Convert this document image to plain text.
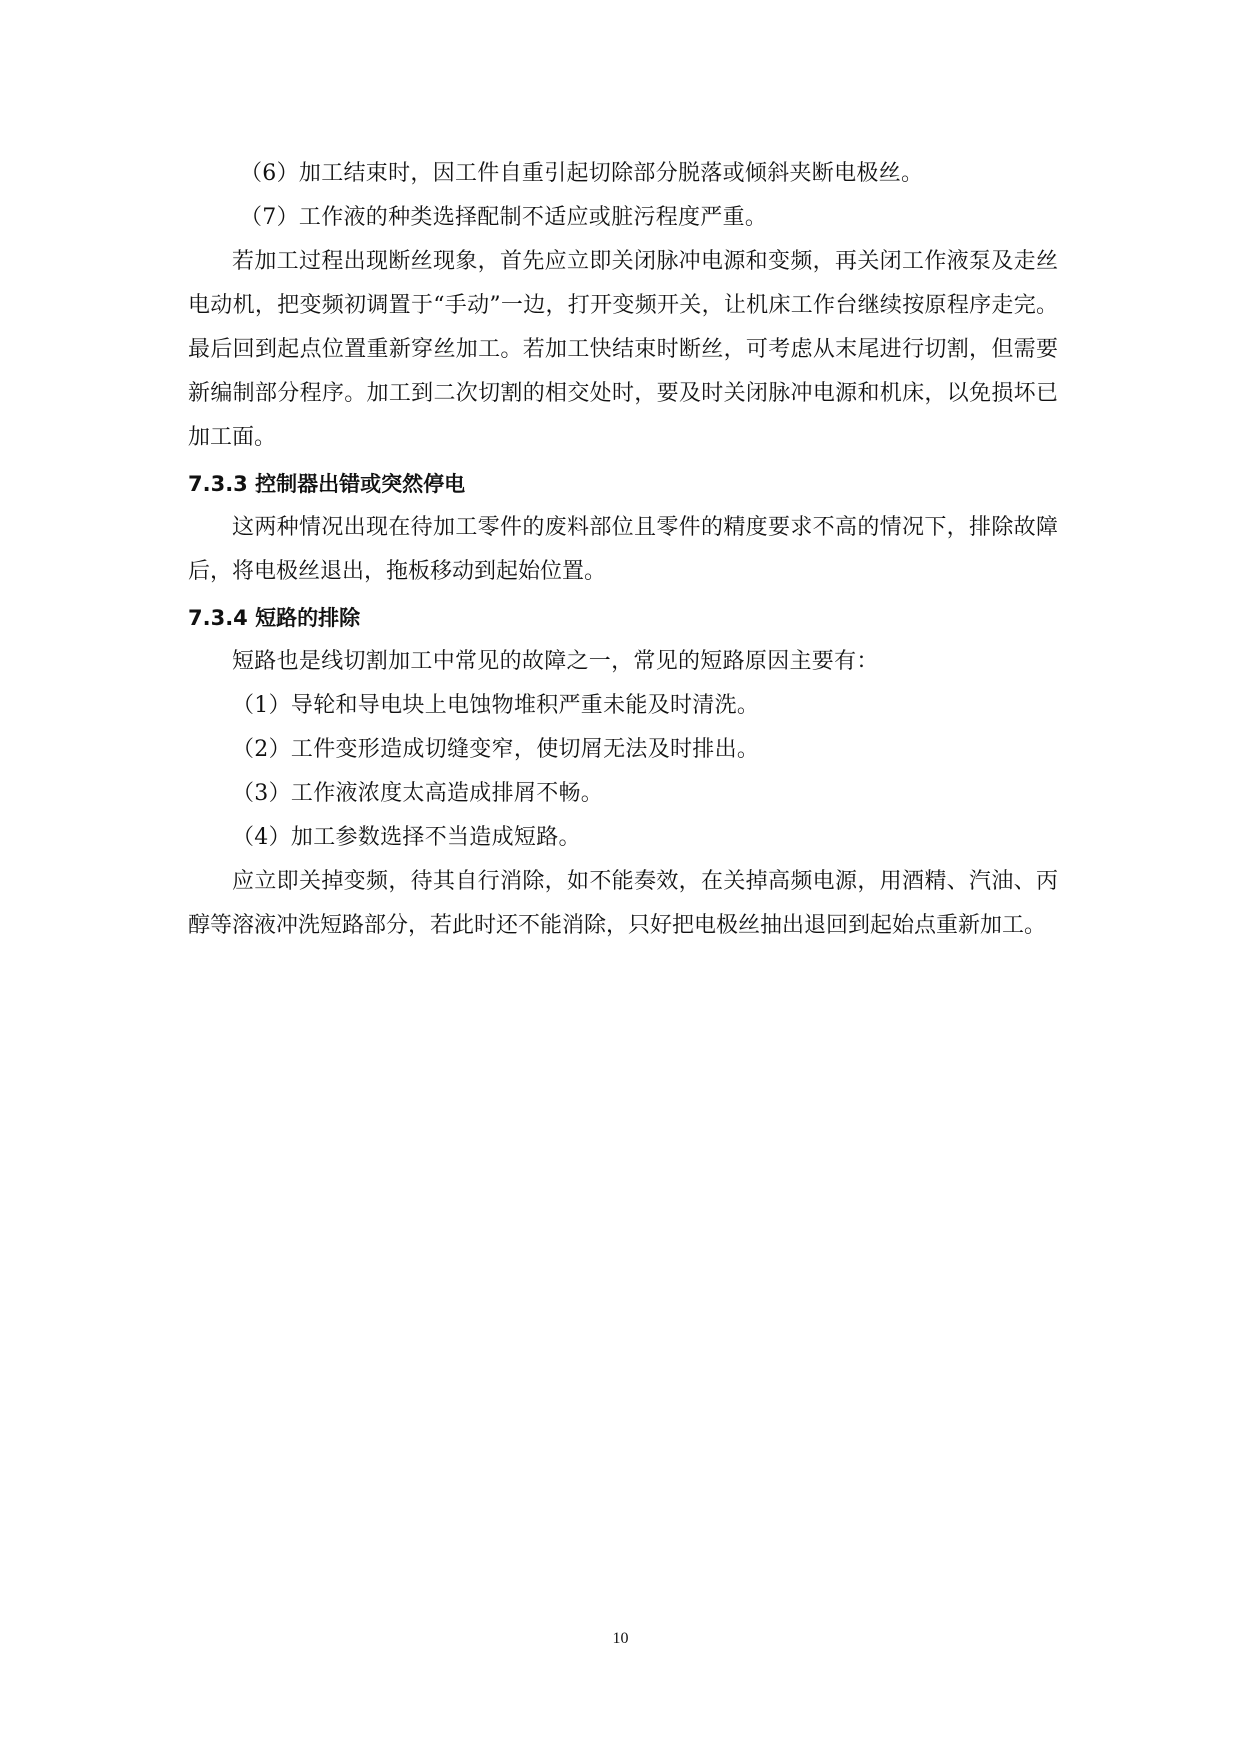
（6）加工结束时，因工件自重引起切除部分脱落或倾斜夹断电极丝。
（7）工作液的种类选择配制不适应或脏污程度严重。

若加工过程出现断丝现象，首先应立即关闭脉冲电源和变频，再关闭工作液泵及走丝电动机，把变频初调置于“手动”一边，打开变频开关，让机床工作台继续按原程序走完。最后回到起点位置重新穿丝加工。若加工快结束时断丝，可考虑从末尾进行切割，但需要新编制部分程序。加工到二次切割的相交处时，要及时关闭脉冲电源和机床，以免损坏已加工面。

7.3.3 控制器出错或突然停电

这两种情况出现在待加工零件的废料部位且零件的精度要求不高的情况下，排除故障后，将电极丝退出，拖板移动到起始位置。

7.3.4 短路的排除
短路也是线切割加工中常见的故障之一，常见的短路原因主要有：
（1）导轮和导电块上电蚀物堆积严重未能及时清洗。
（2）工件变形造成切缝变窄，使切屑无法及时排出。
（3）工作液浓度太高造成排屑不畅。
（4）加工参数选择不当造成短路。

应立即关掉变频，待其自行消除，如不能奏效，在关掉高频电源，用酒精、汽油、丙醇等溶液冲洗短路部分，若此时还不能消除，只好把电极丝抽出退回到起始点重新加工。

10
